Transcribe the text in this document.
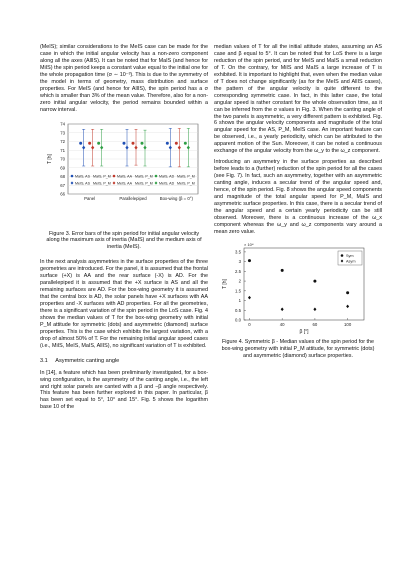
(MeIS); similar considerations to the MeIS case can be made for the case in which the initial angular velocity has a non-zero component along all the axes (AllIS). It can be noted that for MaIS (and hence for MiIS) the spin period keeps a constant value equal to the initial one for the whole propagation time (σ ∼ 10⁻³). This is due to the symmetry of the model in terms of geometry, mass distribution and surface properties. For MeIS (and hence for AllIS), the spin period has a σ which is smaller than 3% of the mean value. Therefore, also for a non-zero initial angular velocity, the period remains bounded within a narrow interval.

66
67
68
69
70
71
72
73
74
T [h]
Panel	Parallelepiped	Box-wing (β = 0°)
MaIS, AS MaIS, P_M
MeIS, AS MeIS, P_M
MaIS, AA MaIS, P_M
MeIS, AA MeIS, P_M
MaIS, AD MaIS, P_M
MeIS, AD MeIS, P_M
Figure 3. Error bars of the spin period for initial angular velocity along the maximum axis of inertia (MaIS) and the medium axis of inertia (MeIS).

In the next analysis asymmetries in the surface properties of the three geometries are introduced. For the panel, it is assumed that the frontal surface (+X) is AA and the rear surface (-X) is AD. For the parallelepiped it is assumed that the +X surface is AS and all the remaining surfaces are AD. For the box-wing geometry it is assumed that the central box is AD, the solar panels have +X surfaces with AA properties and -X surfaces with AD properties. For all the geometries, there is a significant variation of the spin period in the LoS case. Fig. 4 shows the median values of T for the box-wing geometry with initial P_M attitude for symmetric (dots) and asymmetric (diamond) surface properties. This is the case which exhibits the largest variation, with a drop of almost 50% of T. For the remaining initial angular speed cases (i.e., MiIS, MeIS, MaIS, AllIS), no significant variation of T is exhibited.

3.1 Asymmetric canting angle

In [14], a feature which has been preliminarily investigated, for a box-wing configuration, is the asymmetry of the canting angle, i.e., the left and right solar panels are canted with a β and −β angle respectively. This feature has been further explored in this paper. In particular, β has been set equal to 5°, 10° and 15°. Fig. 5 shows the logarithm base 10 of the

median values of T for all the initial attitude states, assuming an AS case and β equal to 5°. It can be noted that for LoS there is a large reduction of the spin period, and for MeIS and MaIS a small reduction of T. On the contrary, for MiIS and MaIS a large increase of T is exhibited. It is important to highlight that, even when the median value of T does not change significantly (as for the MeIS and AllIS cases), the pattern of the angular velocity is quite different to the corresponding symmetric case. In fact, in this latter case, the total angular speed is rather constant for the whole observation time, as it can be inferred from the σ values in Fig. 3. When the canting angle of the two panels is asymmetric, a very different pattern is exhibited. Fig. 6 shows the angular velocity components and magnitude of the total angular speed for the AS, P_M, MeIS case. An important feature can be observed, i.e., a yearly periodicity, which can be attributed to the apparent motion of the Sun. Moreover, it can be noted a continuous exchange of the angular velocity from the ω_y to the ω_z component.

Introducing an asymmetry in the surface properties as described before leads to a (further) reduction of the spin period for all the cases (see Fig. 7). In fact, such an asymmetry, together with an asymmetric canting angle, induces a secular trend of the angular speed and, hence, of the spin period. Fig. 8 shows the angular speed components and magnitude of the total angular speed for P_M, MaIS and asymmetric surface properties. In this case, there is a secular trend of the angular speed and a certain yearly periodicity can be still observed. Moreover, there is a continuous increase of the ω_x component whereas the ω_y and ω_z components vary around a mean zero value.

0.0
0.5
1
1.5
2
2.5
3
3.5
× 10⁴
T [h]
0	40	60	100
β [°]
Sym
Asym
Figure 4. Symmetric β - Median values of the spin period for the box-wing geometry with initial P_M attitude, for symmetric (dots) and asymmetric (diamond) surface properties.
